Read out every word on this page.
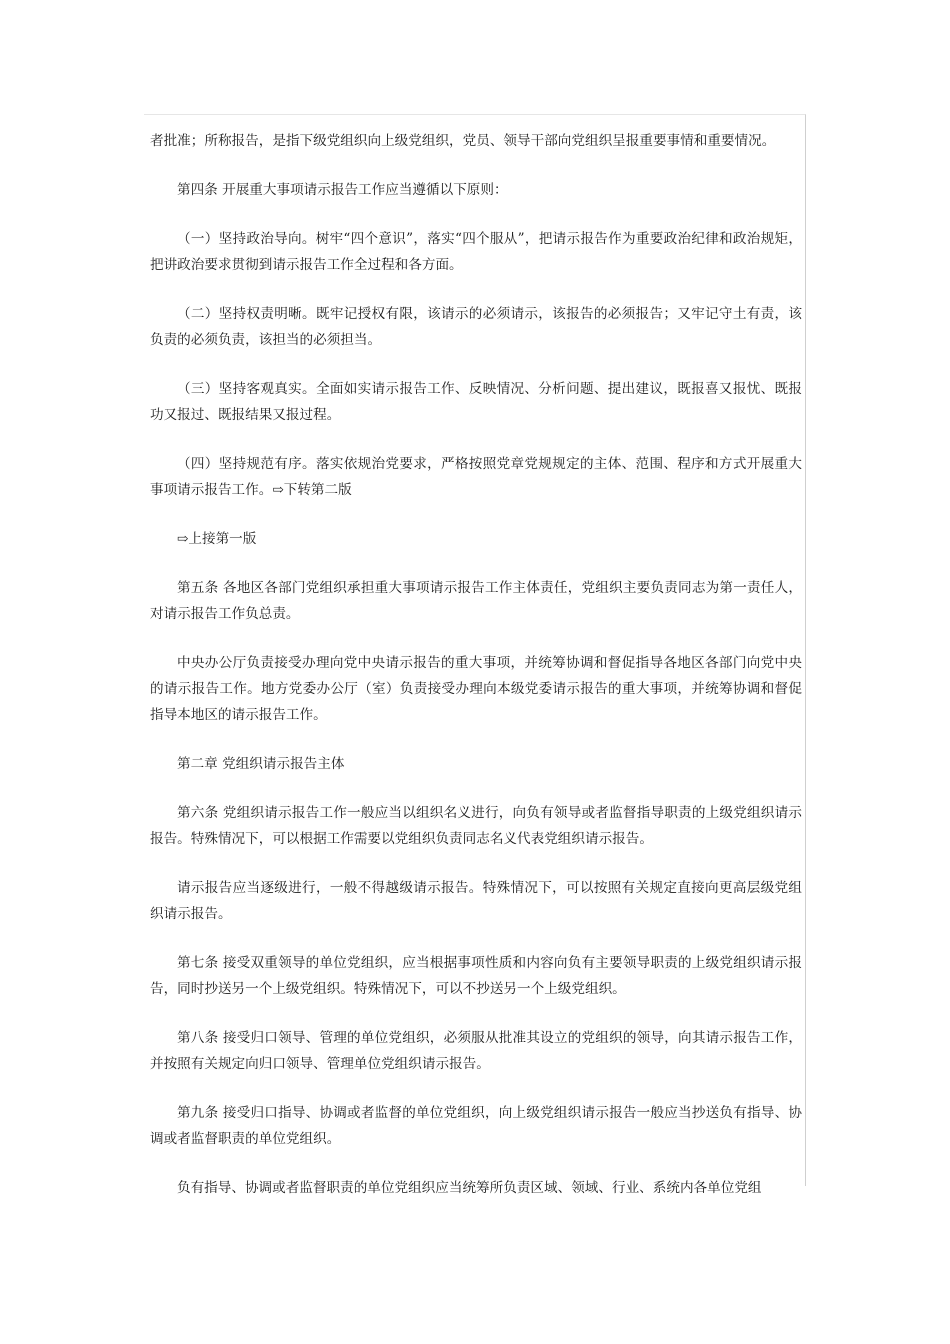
者批准；所称报告，是指下级党组织向上级党组织，党员、领导干部向党组织呈报重要事情和重要情况。

第四条 开展重大事项请示报告工作应当遵循以下原则：

（一）坚持政治导向。树牢“四个意识”，落实“四个服从”，把请示报告作为重要政治纪律和政治规矩，把讲政治要求贯彻到请示报告工作全过程和各方面。

（二）坚持权责明晰。既牢记授权有限，该请示的必须请示，该报告的必须报告；又牢记守土有责，该负责的必须负责，该担当的必须担当。

（三）坚持客观真实。全面如实请示报告工作、反映情况、分析问题、提出建议，既报喜又报忧、既报功又报过、既报结果又报过程。

（四）坚持规范有序。落实依规治党要求，严格按照党章党规规定的主体、范围、程序和方式开展重大事项请示报告工作。⇨下转第二版

⇨上接第一版

第五条 各地区各部门党组织承担重大事项请示报告工作主体责任，党组织主要负责同志为第一责任人，对请示报告工作负总责。

中央办公厅负责接受办理向党中央请示报告的重大事项，并统筹协调和督促指导各地区各部门向党中央的请示报告工作。地方党委办公厅（室）负责接受办理向本级党委请示报告的重大事项，并统筹协调和督促指导本地区的请示报告工作。

第二章 党组织请示报告主体

第六条 党组织请示报告工作一般应当以组织名义进行，向负有领导或者监督指导职责的上级党组织请示报告。特殊情况下，可以根据工作需要以党组织负责同志名义代表党组织请示报告。

请示报告应当逐级进行，一般不得越级请示报告。特殊情况下，可以按照有关规定直接向更高层级党组织请示报告。

第七条 接受双重领导的单位党组织，应当根据事项性质和内容向负有主要领导职责的上级党组织请示报告，同时抄送另一个上级党组织。特殊情况下，可以不抄送另一个上级党组织。

第八条 接受归口领导、管理的单位党组织，必须服从批准其设立的党组织的领导，向其请示报告工作，并按照有关规定向归口领导、管理单位党组织请示报告。

第九条 接受归口指导、协调或者监督的单位党组织，向上级党组织请示报告一般应当抄送负有指导、协调或者监督职责的单位党组织。

负有指导、协调或者监督职责的单位党组织应当统筹所负责区域、领域、行业、系统内各单位党组
